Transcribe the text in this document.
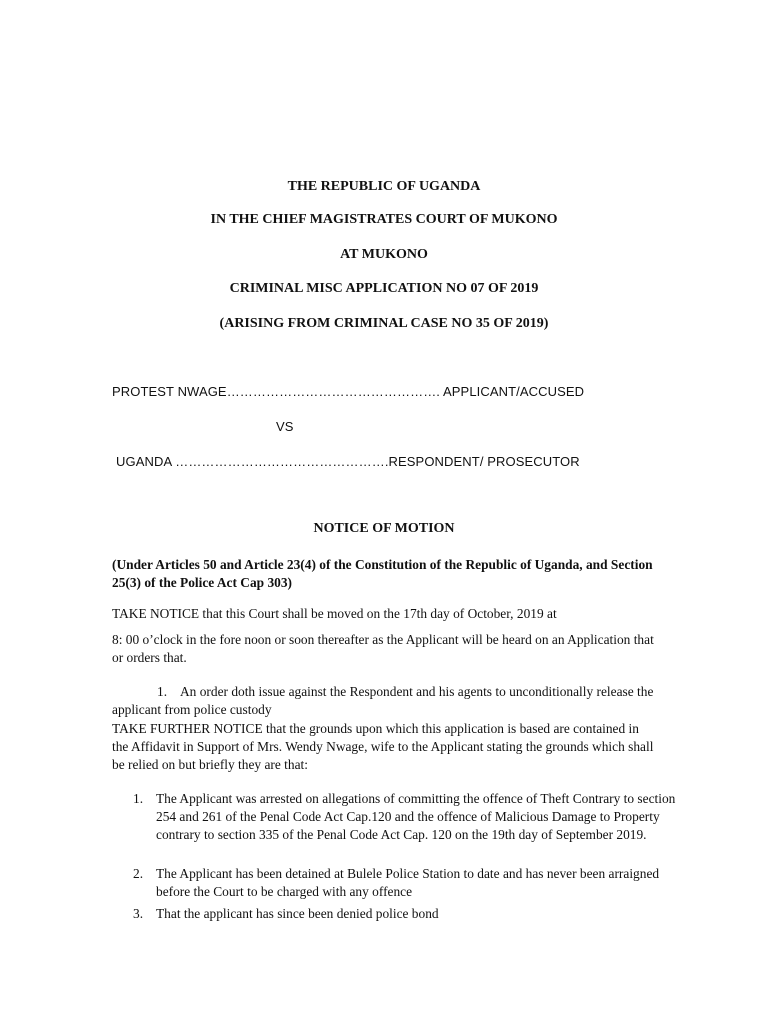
THE REPUBLIC OF UGANDA
IN THE CHIEF MAGISTRATES COURT OF MUKONO
AT MUKONO
CRIMINAL MISC APPLICATION NO 07 OF 2019
(ARISING FROM CRIMINAL CASE NO 35 OF 2019)
PROTEST NWAGE…………………………………………. APPLICANT/ACCUSED
VS
UGANDA ………………………………………….RESPONDENT/ PROSECUTOR
NOTICE OF MOTION
(Under Articles 50 and Article 23(4) of the Constitution of the Republic of Uganda, and Section 25(3) of the Police Act Cap 303)
TAKE NOTICE that this Court shall be moved on the 17th day of October, 2019 at
8: 00 o’clock in the fore noon or soon thereafter as the Applicant will be heard on an Application that or orders that.
1. An order doth issue against the Respondent and his agents to unconditionally release the
applicant from police custody
TAKE FURTHER NOTICE that the grounds upon which this application is based are contained in the Affidavit in Support of Mrs. Wendy Nwage, wife to the Applicant stating the grounds which shall be relied on but briefly they are that:
1. The Applicant was arrested on allegations of committing the offence of Theft Contrary to section 254 and 261 of the Penal Code Act Cap.120 and the offence of Malicious Damage to Property contrary to section 335 of the Penal Code Act Cap. 120 on the 19th day of September 2019.
2. The Applicant has been detained at Bulele Police Station to date and has never been arraigned before the Court to be charged with any offence
3. That the applicant has since been denied police bond
